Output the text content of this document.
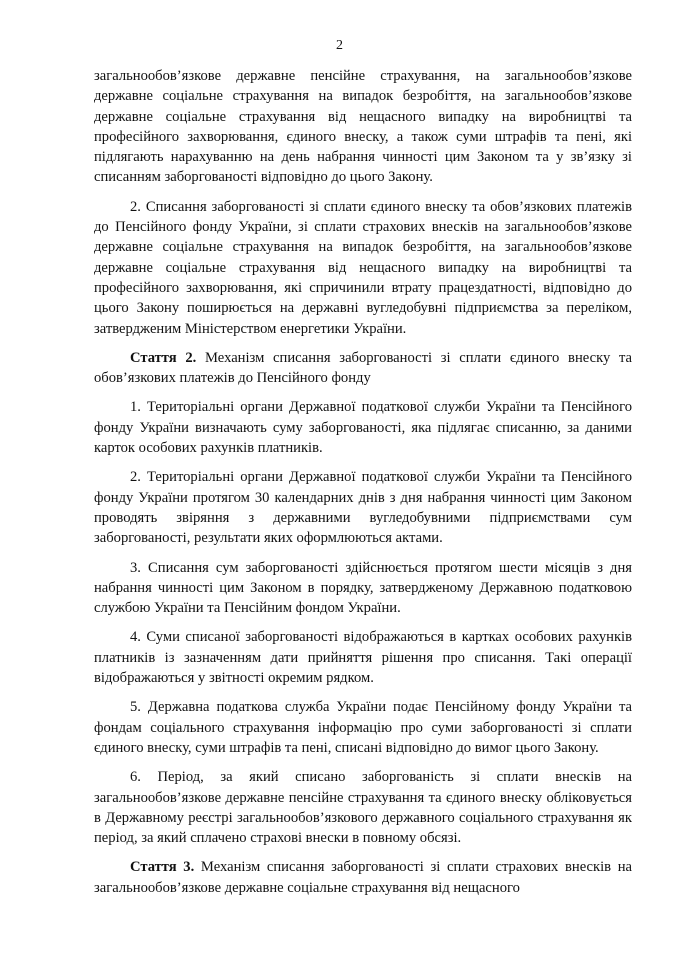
2

загальнообов’язкове державне пенсійне страхування, на загальнообов’язкове державне соціальне страхування на випадок безробіття, на загальнообов’язкове державне соціальне страхування від нещасного випадку на виробництві та професійного захворювання, єдиного внеску, а також суми штрафів та пені, які підлягають нарахуванню на день набрання чинності цим Законом та у зв’язку зі списанням заборгованості відповідно до цього Закону.

2. Списання заборгованості зі сплати єдиного внеску та обов’язкових платежів до Пенсійного фонду України, зі сплати страхових внесків на загальнообов’язкове державне соціальне страхування на випадок безробіття, на загальнообов’язкове державне соціальне страхування від нещасного випадку на виробництві та професійного захворювання, які спричинили втрату працездатності, відповідно до цього Закону поширюється на державні вугледобувні підприємства за переліком, затвердженим Міністерством енергетики України.

Стаття 2. Механізм списання заборгованості зі сплати єдиного внеску та обов’язкових платежів до Пенсійного фонду

1. Територіальні органи Державної податкової служби України та Пенсійного фонду України визначають суму заборгованості, яка підлягає списанню, за даними карток особових рахунків платників.

2. Територіальні органи Державної податкової служби України та Пенсійного фонду України протягом 30 календарних днів з дня набрання чинності цим Законом проводять звіряння з державними вугледобувними підприємствами сум заборгованості, результати яких оформлюються актами.

3. Списання сум заборгованості здійснюється протягом шести місяців з дня набрання чинності цим Законом в порядку, затвердженому Державною податковою службою України та Пенсійним фондом України.

4. Суми списаної заборгованості відображаються в картках особових рахунків платників із зазначенням дати прийняття рішення про списання. Такі операції відображаються у звітності окремим рядком.

5. Державна податкова служба України подає Пенсійному фонду України та фондам соціального страхування інформацію про суми заборгованості зі сплати єдиного внеску, суми штрафів та пені, списані відповідно до вимог цього Закону.

6. Період, за який списано заборгованість зі сплати внесків на загальнообов’язкове державне пенсійне страхування та єдиного внеску обліковується в Державному реєстрі загальнообов’язкового державного соціального страхування як період, за який сплачено страхові внески в повному обсязі.

Стаття 3. Механізм списання заборгованості зі сплати страхових внесків на загальнообов’язкове державне соціальне страхування від нещасного
